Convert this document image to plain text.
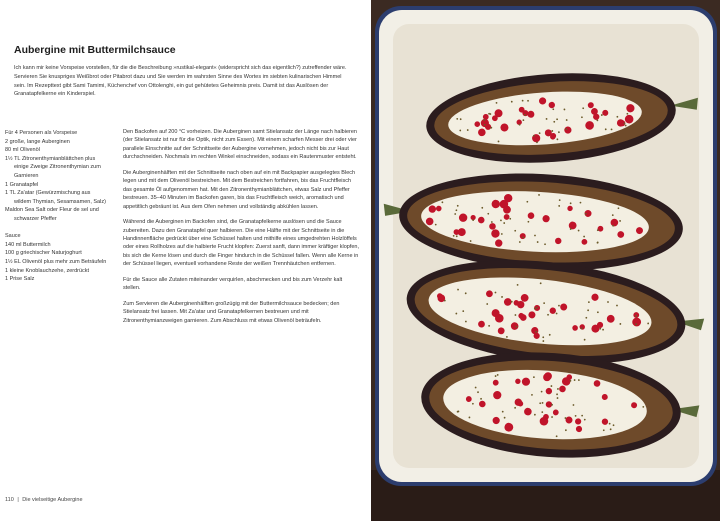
Aubergine mit Buttermilchsauce

Ich kann mir keine Vorspeise vorstellen, für die die Beschreibung »rustikal-elegant« (widerspricht sich das eigentlich?) zutreffender wäre. Servieren Sie knuspriges Weißbrot oder Pitabrot dazu und Sie werden im wahrsten Sinne des Wortes im siebten kulinarischen Himmel sein. Im Rezepttext gibt Sami Tamimi, Küchenchef von Ottolenghi, ein gut gehütetes Geheimnis preis. Damit ist das Auslösen der Granatapfelkerne ein Kinderspiel.

Für 4 Personen als Vorspeise
2 große, lange Auberginen
80 ml Olivenöl
1½ TL Zitronenthymianblättchen plus
einige Zweige Zitronenthymian zum
Garnieren
1 Granatapfel
1 TL Za'atar (Gewürzmischung aus
wildem Thymian, Sesamsamen, Salz)
Maldon Sea Salt oder Fleur de sel und
schwarzer Pfeffer
Sauce
140 ml Buttermilch
100 g griechischer Naturjoghurt
1½ EL Olivenöl plus mehr zum Beträufeln
1 kleine Knoblauchzehe, zerdrückt
1 Prise Salz

Den Backofen auf 200 °C vorheizen. Die Auberginen samt Stielansatz der Länge nach halbieren (der Stielansatz ist nur für die Optik, nicht zum Essen). Mit einem scharfen Messer drei oder vier parallele Einschnitte auf der Schnittseite der Aubergine vornehmen, jedoch nicht bis zur Haut durchschneiden. Nochmals im rechten Winkel einschneiden, sodass ein Rautenmuster entsteht.

Die Auberginenhälften mit der Schnittseite nach oben auf ein mit Backpapier ausgelegtes Blech legen und mit dem Olivenöl bestreichen. Mit dem Bestreichen fortfahren, bis das Fruchtfleisch das gesamte Öl aufgenommen hat. Mit den Zitronenthymianblättchen, etwas Salz und Pfeffer bestreuen. 35–40 Minuten im Backofen garen, bis das Fruchtfleisch weich, aromatisch und appetitlich gebräunt ist. Aus dem Ofen nehmen und vollständig abkühlen lassen.

Während die Auberginen im Backofen sind, die Granatapfelkerne auslösen und die Sauce zubereiten. Dazu den Granatapfel quer halbieren. Die eine Hälfte mit der Schnittseite in die Handinnenfläche gedrückt über eine Schüssel halten und mithilfe eines umgedrehten Holzlöffels oder eines Rollholzes auf die halbierte Frucht klopfen: Zuerst sanft, dann immer kräftiger klopfen, bis sich die Kerne lösen und durch die Finger hindurch in die Schüssel fallen. Wenn alle Kerne in der Schüssel liegen, eventuell vorhandene Reste der weißen Trennhäutchen entfernen.

Für die Sauce alle Zutaten miteinander verquirlen, abschmecken und bis zum Verzehr kalt stellen.

Zum Servieren die Auberginenhälften großzügig mit der Buttermilchsauce bedecken; den Stielansatz frei lassen. Mit Za'atar und Granatapfelkernen bestreuen und mit Zitronenthymianzweigen garnieren. Zum Abschluss mit etwas Olivenöl beträufeln.

110 | Die vielseitige Aubergine
